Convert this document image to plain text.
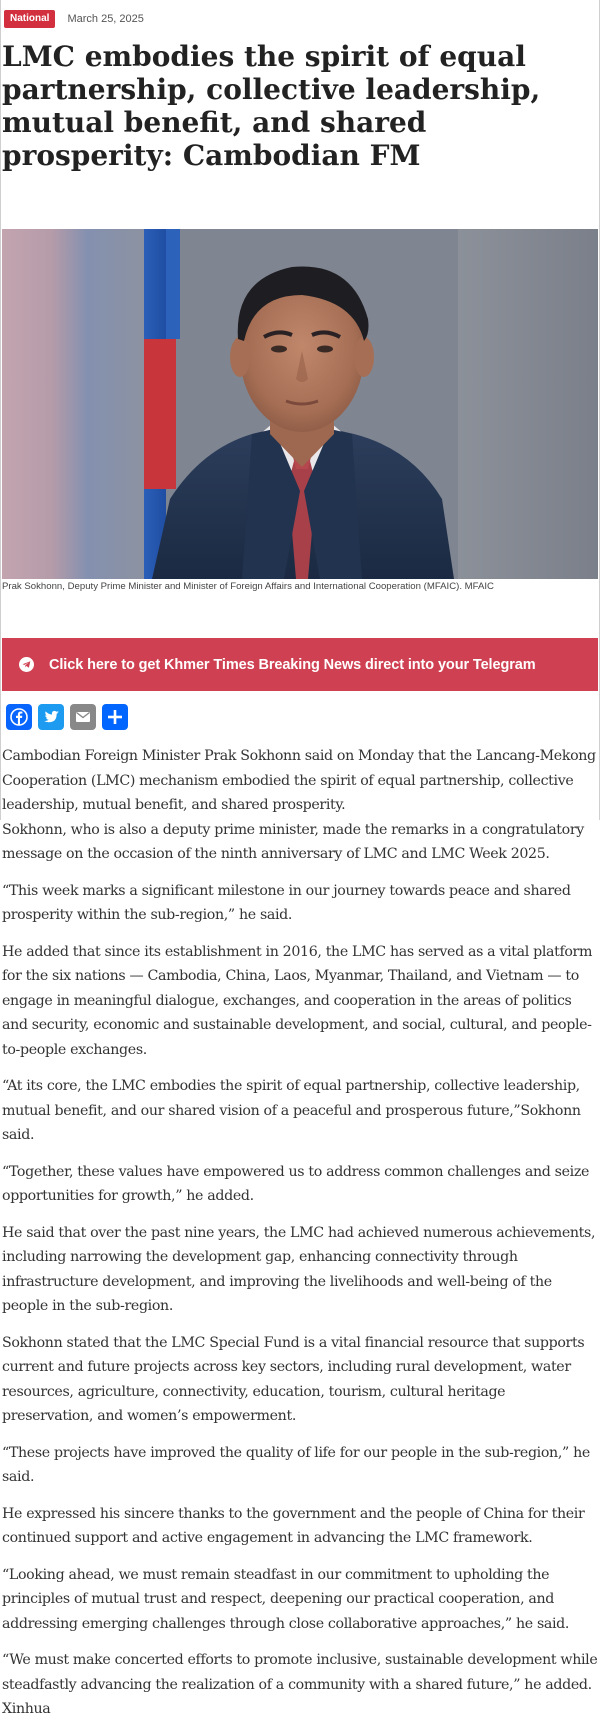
National	March 25, 2025
LMC embodies the spirit of equal partnership, collective leadership, mutual benefit, and shared prosperity: Cambodian FM
Prak Sokhonn, Deputy Prime Minister and Minister of Foreign Affairs and International Cooperation (MFAIC). MFAIC
Click here to get Khmer Times Breaking News direct into your Telegram

Cambodian Foreign Minister Prak Sokhonn said on Monday that the Lancang-Mekong Cooperation (LMC) mechanism embodied the spirit of equal partnership, collective leadership, mutual benefit, and shared prosperity.

Sokhonn, who is also a deputy prime minister, made the remarks in a congratulatory message on the occasion of the ninth anniversary of LMC and LMC Week 2025.

“This week marks a significant milestone in our journey towards peace and shared prosperity within the sub-region,” he said.

He added that since its establishment in 2016, the LMC has served as a vital platform for the six nations — Cambodia, China, Laos, Myanmar, Thailand, and Vietnam — to engage in meaningful dialogue, exchanges, and cooperation in the areas of politics and security, economic and sustainable development, and social, cultural, and people-to-people exchanges.

“At its core, the LMC embodies the spirit of equal partnership, collective leadership, mutual benefit, and our shared vision of a peaceful and prosperous future,”Sokhonn said.

“Together, these values have empowered us to address common challenges and seize opportunities for growth,” he added.

He said that over the past nine years, the LMC had achieved numerous achievements, including narrowing the development gap, enhancing connectivity through infrastructure development, and improving the livelihoods and well-being of the people in the sub-region.

Sokhonn stated that the LMC Special Fund is a vital financial resource that supports current and future projects across key sectors, including rural development, water resources, agriculture, connectivity, education, tourism, cultural heritage preservation, and women’s empowerment.

“These projects have improved the quality of life for our people in the sub-region,” he said.

He expressed his sincere thanks to the government and the people of China for their continued support and active engagement in advancing the LMC framework.

“Looking ahead, we must remain steadfast in our commitment to upholding the principles of mutual trust and respect, deepening our practical cooperation, and addressing emerging challenges through close collaborative approaches,” he said.

“We must make concerted efforts to promote inclusive, sustainable development while steadfastly advancing the realization of a community with a shared future,” he added.

Xinhua
